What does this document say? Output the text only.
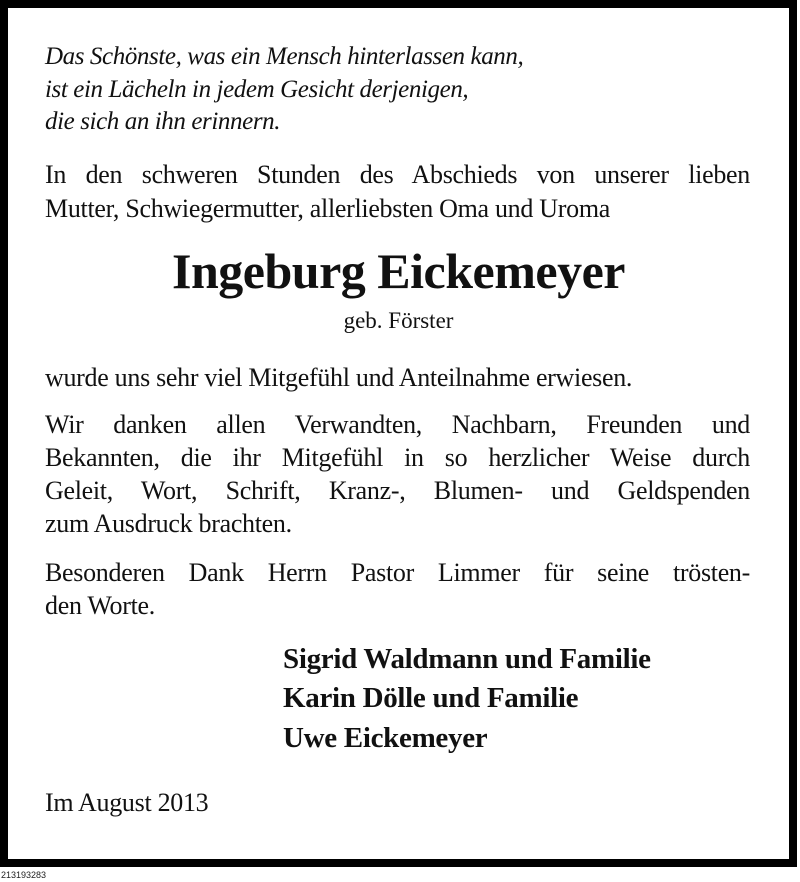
Das Schönste, was ein Mensch hinterlassen kann,
ist ein Lächeln in jedem Gesicht derjenigen,
die sich an ihn erinnern.
In den schweren Stunden des Abschieds von unserer lieben
Mutter, Schwiegermutter, allerliebsten Oma und Uroma
Ingeburg Eickemeyer
geb. Förster
wurde uns sehr viel Mitgefühl und Anteilnahme erwiesen.
Wir danken allen Verwandten, Nachbarn, Freunden und
Bekannten, die ihr Mitgefühl in so herzlicher Weise durch
Geleit, Wort, Schrift, Kranz-, Blumen- und Geldspenden
zum Ausdruck brachten.
Besonderen Dank Herrn Pastor Limmer für seine trösten-
den Worte.
Sigrid Waldmann und Familie
Karin Dölle und Familie
Uwe Eickemeyer
Im August 2013
213193283
